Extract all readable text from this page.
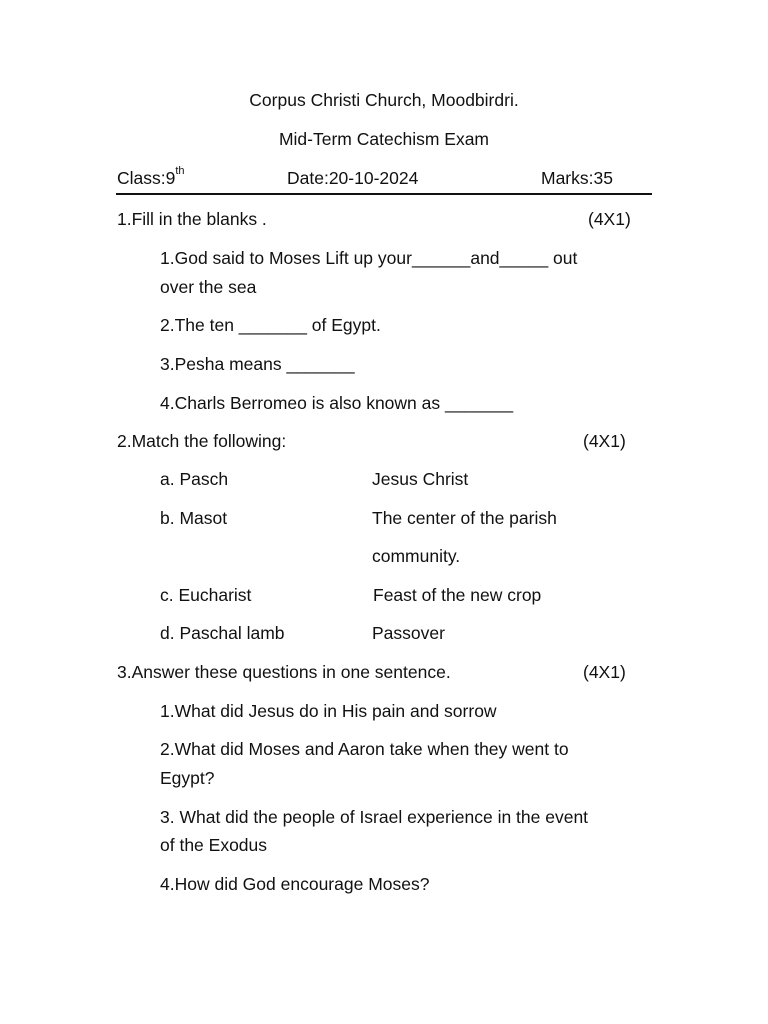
Corpus Christi Church, Moodbirdri.
Mid-Term Catechism Exam
Class:9th	Date:20-10-2024	Marks:35
1.Fill in the blanks .	(4X1)
1.God said to Moses Lift up your______and_____ out
over the sea
2.The ten _______ of Egypt.
3.Pesha means _______
4.Charls Berromeo is also known as _______
2.Match the following:	(4X1)
a. Pasch	Jesus Christ
b. Masot	The center of the parish
community.
c. Eucharist	Feast of the new crop
d. Paschal lamb	Passover
3.Answer these questions in one sentence.	(4X1)
1.What did Jesus do in His pain and sorrow
2.What did Moses and Aaron take when they went to
Egypt?
3. What did the people of Israel experience in the event
of the Exodus
4.How did God encourage Moses?
